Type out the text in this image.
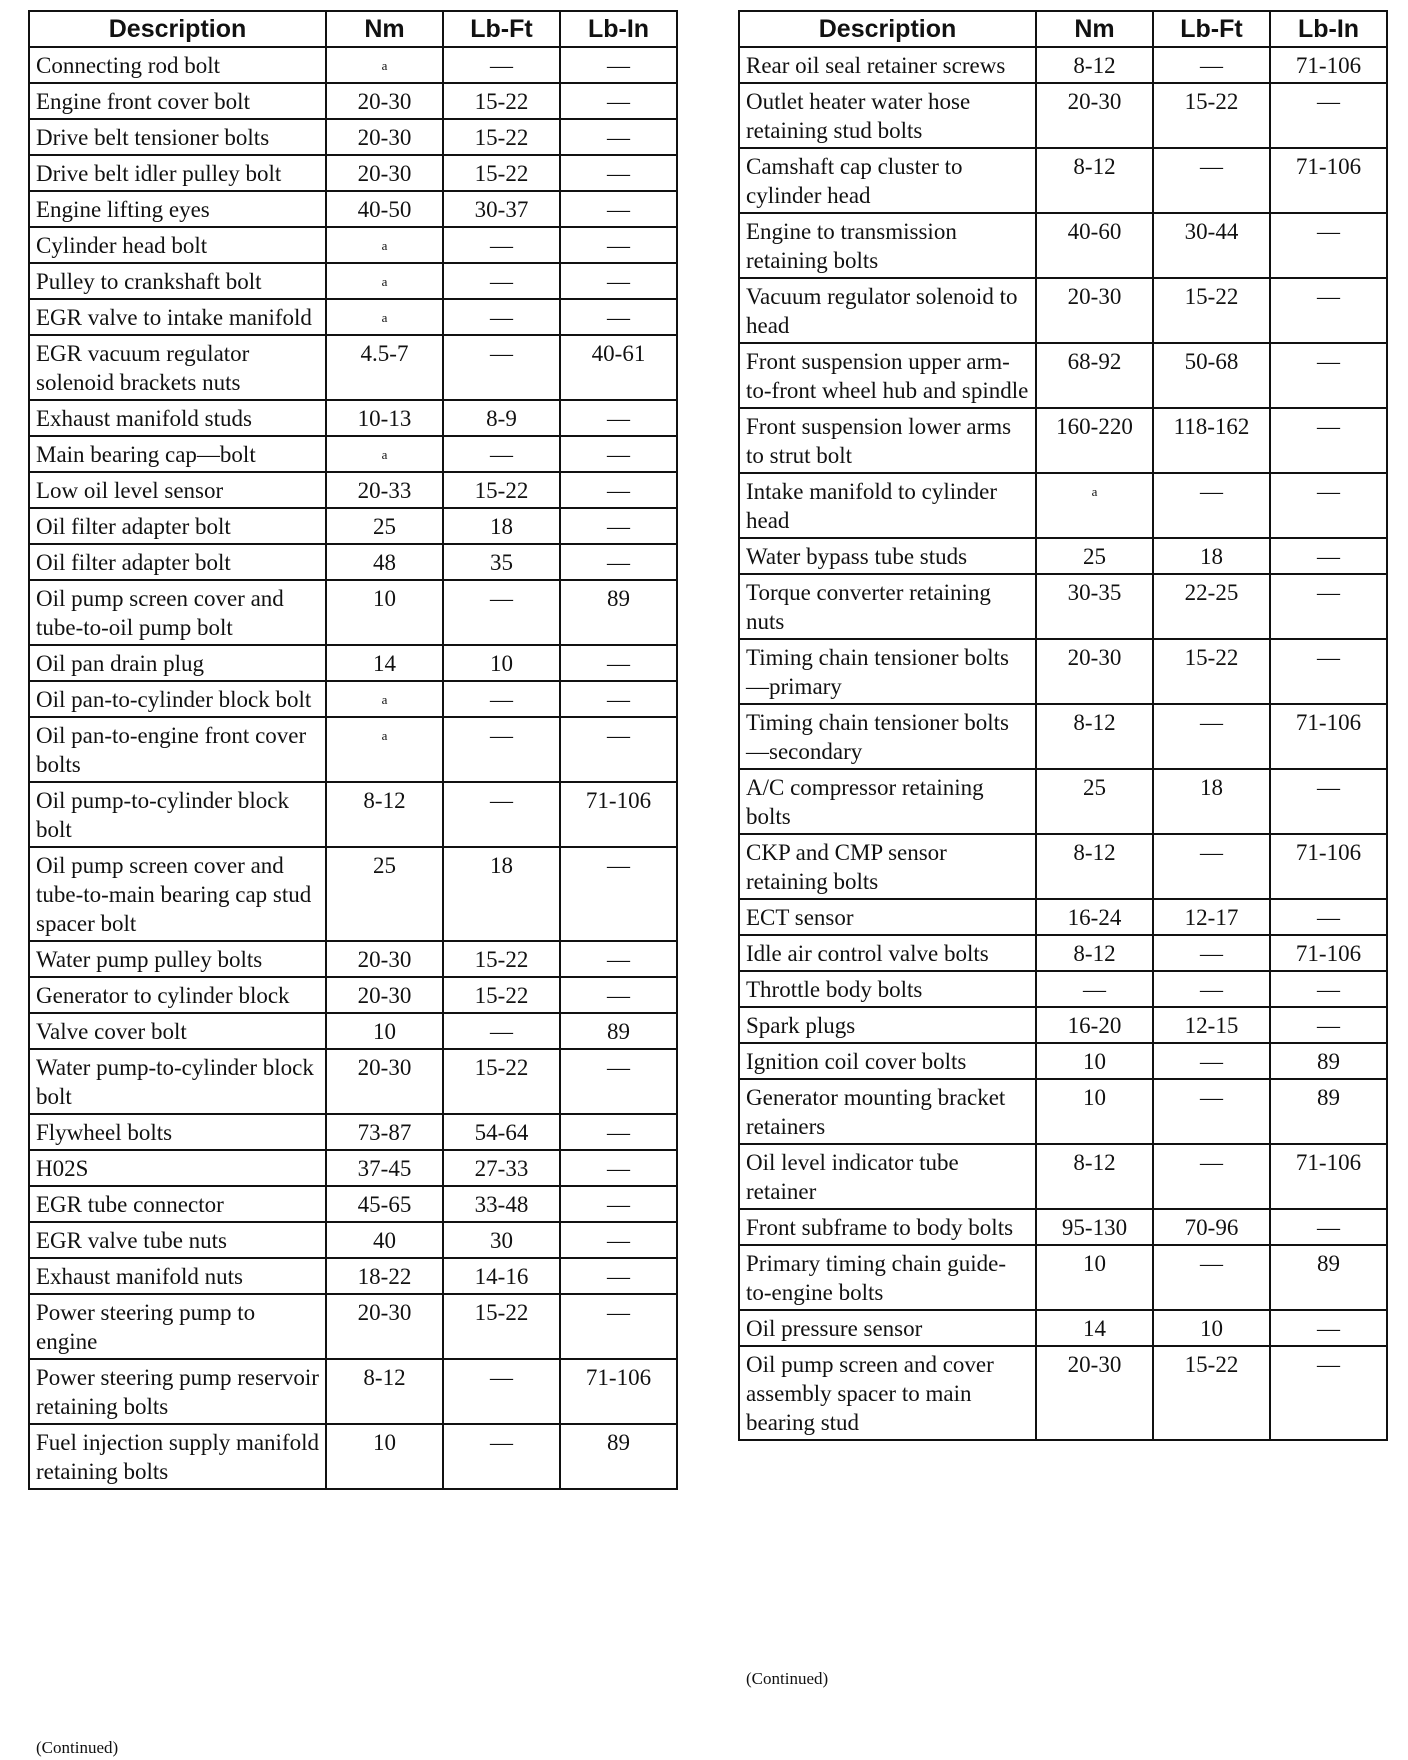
Description	Nm	Lb-Ft	Lb-In
Connecting rod bolt	a	—	—
Engine front cover bolt	20-30	15-22	—
Drive belt tensioner bolts	20-30	15-22	—
Drive belt idler pulley bolt	20-30	15-22	—
Engine lifting eyes	40-50	30-37	—
Cylinder head bolt	a	—	—
Pulley to crankshaft bolt	a	—	—
EGR valve to intake manifold	a	—	—
EGR vacuum regulator solenoid brackets nuts	4.5-7	—	40-61
Exhaust manifold studs	10-13	8-9	—
Main bearing cap—bolt	a	—	—
Low oil level sensor	20-33	15-22	—
Oil filter adapter bolt	25	18	—
Oil filter adapter bolt	48	35	—
Oil pump screen cover and tube-to-oil pump bolt	10	—	89
Oil pan drain plug	14	10	—
Oil pan-to-cylinder block bolt	a	—	—
Oil pan-to-engine front cover bolts	a	—	—
Oil pump-to-cylinder block bolt	8-12	—	71-106
Oil pump screen cover and tube-to-main bearing cap stud spacer bolt	25	18	—
Water pump pulley bolts	20-30	15-22	—
Generator to cylinder block	20-30	15-22	—
Valve cover bolt	10	—	89
Water pump-to-cylinder block bolt	20-30	15-22	—
Flywheel bolts	73-87	54-64	—
H02S	37-45	27-33	—
EGR tube connector	45-65	33-48	—
EGR valve tube nuts	40	30	—
Exhaust manifold nuts	18-22	14-16	—
Power steering pump to engine	20-30	15-22	—
Power steering pump reservoir retaining bolts	8-12	—	71-106
Fuel injection supply manifold retaining bolts	10	—	89
(Continued)
Description	Nm	Lb-Ft	Lb-In
Rear oil seal retainer screws	8-12	—	71-106
Outlet heater water hose retaining stud bolts	20-30	15-22	—
Camshaft cap cluster to cylinder head	8-12	—	71-106
Engine to transmission retaining bolts	40-60	30-44	—
Vacuum regulator solenoid to head	20-30	15-22	—
Front suspension upper arm-to-front wheel hub and spindle	68-92	50-68	—
Front suspension lower arms to strut bolt	160-220	118-162	—
Intake manifold to cylinder head	a	—	—
Water bypass tube studs	25	18	—
Torque converter retaining nuts	30-35	22-25	—
Timing chain tensioner bolts—primary	20-30	15-22	—
Timing chain tensioner bolts—secondary	8-12	—	71-106
A/C compressor retaining bolts	25	18	—
CKP and CMP sensor retaining bolts	8-12	—	71-106
ECT sensor	16-24	12-17	—
Idle air control valve bolts	8-12	—	71-106
Throttle body bolts	—	—	—
Spark plugs	16-20	12-15	—
Ignition coil cover bolts	10	—	89
Generator mounting bracket retainers	10	—	89
Oil level indicator tube retainer	8-12	—	71-106
Front subframe to body bolts	95-130	70-96	—
Primary timing chain guide-to-engine bolts	10	—	89
Oil pressure sensor	14	10	—
Oil pump screen and cover assembly spacer to main bearing stud	20-30	15-22	—
(Continued)
